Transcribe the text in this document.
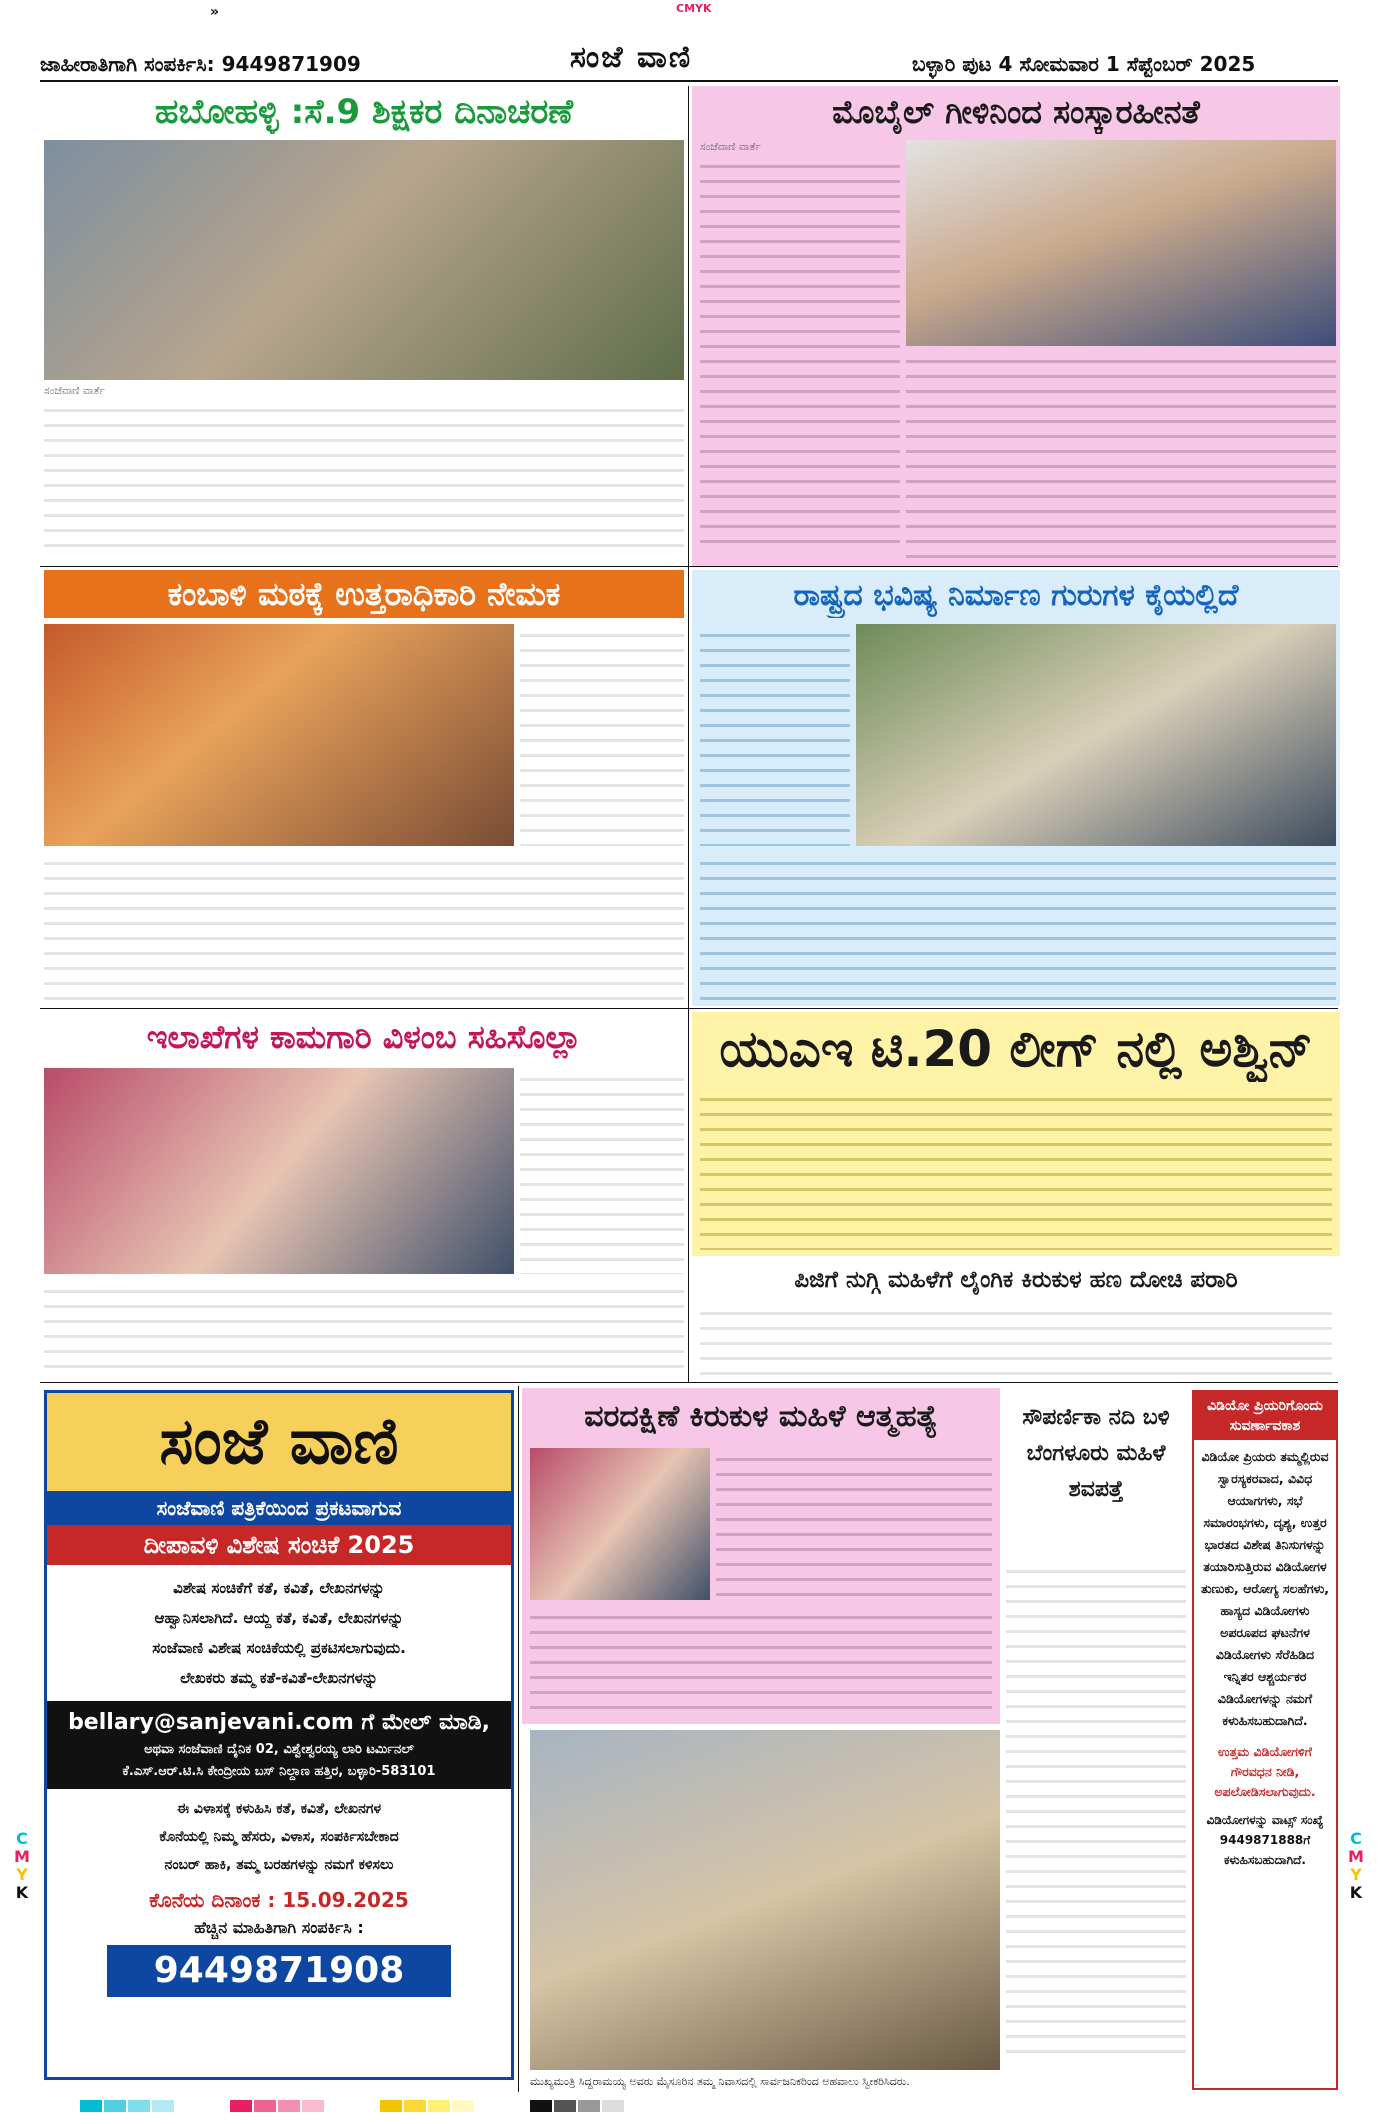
»	CMYK
ಜಾಹೀರಾತಿಗಾಗಿ ಸಂಪರ್ಕಿಸಿ: 9449871909	ಸಂಜೆ ವಾಣಿ	ಬಳ್ಳಾರಿ ಪುಟ 4 ಸೋಮವಾರ 1 ಸೆಪ್ಟೆಂಬರ್ 2025
ಹಬೋಹಳ್ಳಿ :ಸೆ.9 ಶಿಕ್ಷಕರ ದಿನಾಚರಣೆ
ಸಂಜೆವಾಣಿ ವಾರ್ತೆ
ಮೊಬೈಲ್ ಗೀಳಿನಿಂದ ಸಂಸ್ಕಾರಹೀನತೆ
ಸಂಜೆವಾಣಿ ವಾರ್ತೆ
ಕಂಬಾಳಿ ಮಠಕ್ಕೆ ಉತ್ತರಾಧಿಕಾರಿ ನೇಮಕ	ರಾಷ್ಟ್ರದ ಭವಿಷ್ಯ ನಿರ್ಮಾಣ ಗುರುಗಳ ಕೈಯಲ್ಲಿದೆ
ಇಲಾಖೆಗಳ ಕಾಮಗಾರಿ ವಿಳಂಬ ಸಹಿಸೊಲ್ಲಾ	ಯುಎಇ ಟಿ.20 ಲೀಗ್ ನಲ್ಲಿ ಅಶ್ವಿನ್
ಪಿಜಿಗೆ ನುಗ್ಗಿ ಮಹಿಳೆಗೆ ಲೈಂಗಿಕ ಕಿರುಕುಳ ಹಣ ದೋಚಿ ಪರಾರಿ
ಸಂಜೆ ವಾಣಿ
ಸಂಜೆವಾಣಿ ಪತ್ರಿಕೆಯಿಂದ ಪ್ರಕಟವಾಗುವ
ದೀಪಾವಳಿ ವಿಶೇಷ ಸಂಚಿಕೆ 2025
ವಿಶೇಷ ಸಂಚಿಕೆಗೆ ಕತೆ, ಕವಿತೆ, ಲೇಖನಗಳನ್ನು
ಆಹ್ವಾನಿಸಲಾಗಿದೆ. ಆಯ್ದ ಕತೆ, ಕವಿತೆ, ಲೇಖನಗಳನ್ನು
ಸಂಜೆವಾಣಿ ವಿಶೇಷ ಸಂಚಿಕೆಯಲ್ಲಿ ಪ್ರಕಟಿಸಲಾಗುವುದು.
ಲೇಖಕರು ತಮ್ಮ ಕತೆ-ಕವಿತೆ-ಲೇಖನಗಳನ್ನು
bellary@sanjevani.com ಗೆ ಮೇಲ್ ಮಾಡಿ,
ಅಥವಾ ಸಂಜೆವಾಣಿ ದೈನಿಕ 02, ವಿಶ್ವೇಶ್ವರಯ್ಯ ಲಾರಿ ಟರ್ಮಿನಲ್
ಕೆ.ಎಸ್.ಆರ್.ಟಿ.ಸಿ ಕೇಂದ್ರೀಯ ಬಸ್ ನಿಲ್ದಾಣ ಹತ್ತಿರ, ಬಳ್ಳಾರಿ-583101
ಈ ವಿಳಾಸಕ್ಕೆ ಕಳುಹಿಸಿ ಕತೆ, ಕವಿತೆ, ಲೇಖನಗಳ
ಕೊನೆಯಲ್ಲಿ ನಿಮ್ಮ ಹೆಸರು, ವಿಳಾಸ, ಸಂಪರ್ಕಿಸಬೇಕಾದ
ನಂಬರ್ ಹಾಕಿ, ತಮ್ಮ ಬರಹಗಳನ್ನು ನಮಗೆ ಕಳಿಸಲು
ಕೊನೆಯ ದಿನಾಂಕ : 15.09.2025
ಹೆಚ್ಚಿನ ಮಾಹಿತಿಗಾಗಿ ಸಂಪರ್ಕಿಸಿ :
9449871908
ವರದಕ್ಷಿಣೆ ಕಿರುಕುಳ ಮಹಿಳೆ ಆತ್ಮಹತ್ಯೆ
ಮುಖ್ಯಮಂತ್ರಿ ಸಿದ್ದರಾಮಯ್ಯ ಅವರು ಮೈಸೂರಿನ ತಮ್ಮ ನಿವಾಸದಲ್ಲಿ ಸಾರ್ವಜನಿಕರಿಂದ ಅಹವಾಲು ಸ್ವೀಕರಿಸಿದರು.
ಸೌಪರ್ಣಿಕಾ ನದಿ ಬಳಿ ಬೆಂಗಳೂರು ಮಹಿಳೆ ಶವಪತ್ತೆ
ವಿಡಿಯೋ ಪ್ರಿಯರಿಗೊಂದು ಸುವರ್ಣಾವಕಾಶ
ವಿಡಿಯೋ ಪ್ರಿಯರು ತಮ್ಮಲ್ಲಿರುವ ಸ್ವಾರಸ್ಯಕರವಾದ, ವಿವಿಧ ಆಯಾಗಗಳು, ಸಭೆ ಸಮಾರಂಭಗಳು, ದೃಶ್ಯ, ಉತ್ತರ ಭಾರತದ ವಿಶೇಷ ತಿನಿಸುಗಳನ್ನು ತಯಾರಿಸುತ್ತಿರುವ ವಿಡಿಯೋಗಳ ತುಣುಕು, ಆರೋಗ್ಯ ಸಲಹೆಗಳು, ಹಾಸ್ಯದ ವಿಡಿಯೋಗಳು ಅಪರೂಪದ ಘಟನೆಗಳ ವಿಡಿಯೋಗಳು ಸೆರೆಹಿಡಿದ ಇನ್ನಿತರ ಆಶ್ಚರ್ಯಕರ ವಿಡಿಯೋಗಳನ್ನು ನಮಗೆ ಕಳುಹಿಸಬಹುದಾಗಿದೆ.
ಉತ್ತಮ ವಿಡಿಯೋಗಳಿಗೆ ಗೌರವಧನ ನೀಡಿ, ಅಪಲೋಡಿಸಲಾಗುವುದು.
ವಿಡಿಯೋಗಳನ್ನು ವಾಟ್ಸ್ ಸಂಖ್ಯೆ 9449871888ಗೆ ಕಳುಹಿಸಬಹುದಾಗಿದೆ.
C
M
Y
K
C
M
Y
K
